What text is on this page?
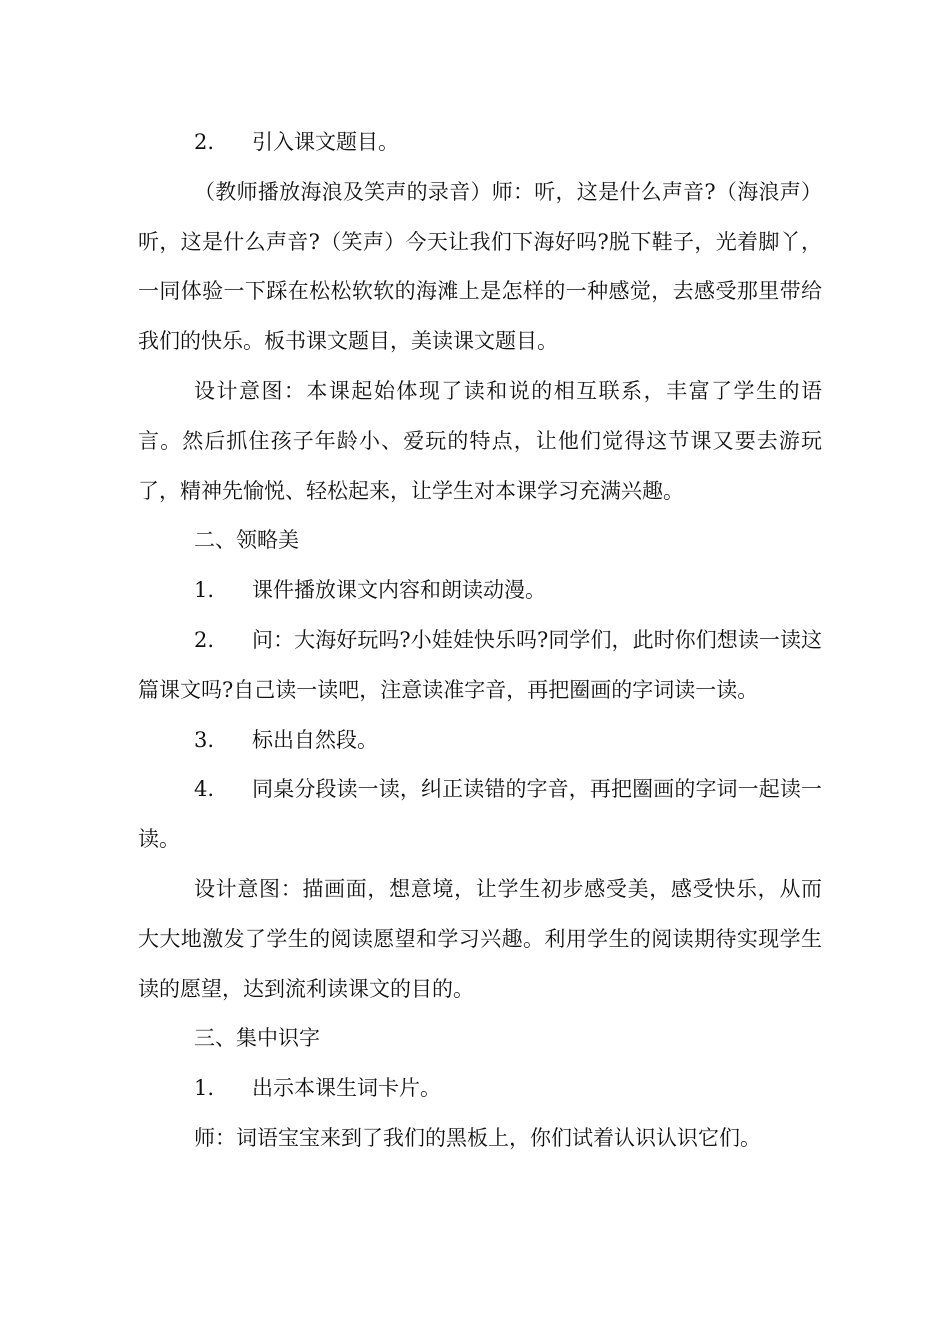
2. 引入课文题目。

（教师播放海浪及笑声的录音）师：听，这是什么声音?（海浪声）听，这是什么声音?（笑声）今天让我们下海好吗?脱下鞋子，光着脚丫，一同体验一下踩在松松软软的海滩上是怎样的一种感觉，去感受那里带给我们的快乐。板书课文题目，美读课文题目。

设计意图：本课起始体现了读和说的相互联系，丰富了学生的语言。然后抓住孩子年龄小、爱玩的特点，让他们觉得这节课又要去游玩了，精神先愉悦、轻松起来，让学生对本课学习充满兴趣。

二、领略美

1. 课件播放课文内容和朗读动漫。

2. 问：大海好玩吗?小娃娃快乐吗?同学们，此时你们想读一读这篇课文吗?自己读一读吧，注意读准字音，再把圈画的字词读一读。

3. 标出自然段。

4. 同桌分段读一读，纠正读错的字音，再把圈画的字词一起读一读。

设计意图：描画面，想意境，让学生初步感受美，感受快乐，从而大大地激发了学生的阅读愿望和学习兴趣。利用学生的阅读期待实现学生读的愿望，达到流利读课文的目的。

三、集中识字

1. 出示本课生词卡片。

师：词语宝宝来到了我们的黑板上，你们试着认识认识它们。
